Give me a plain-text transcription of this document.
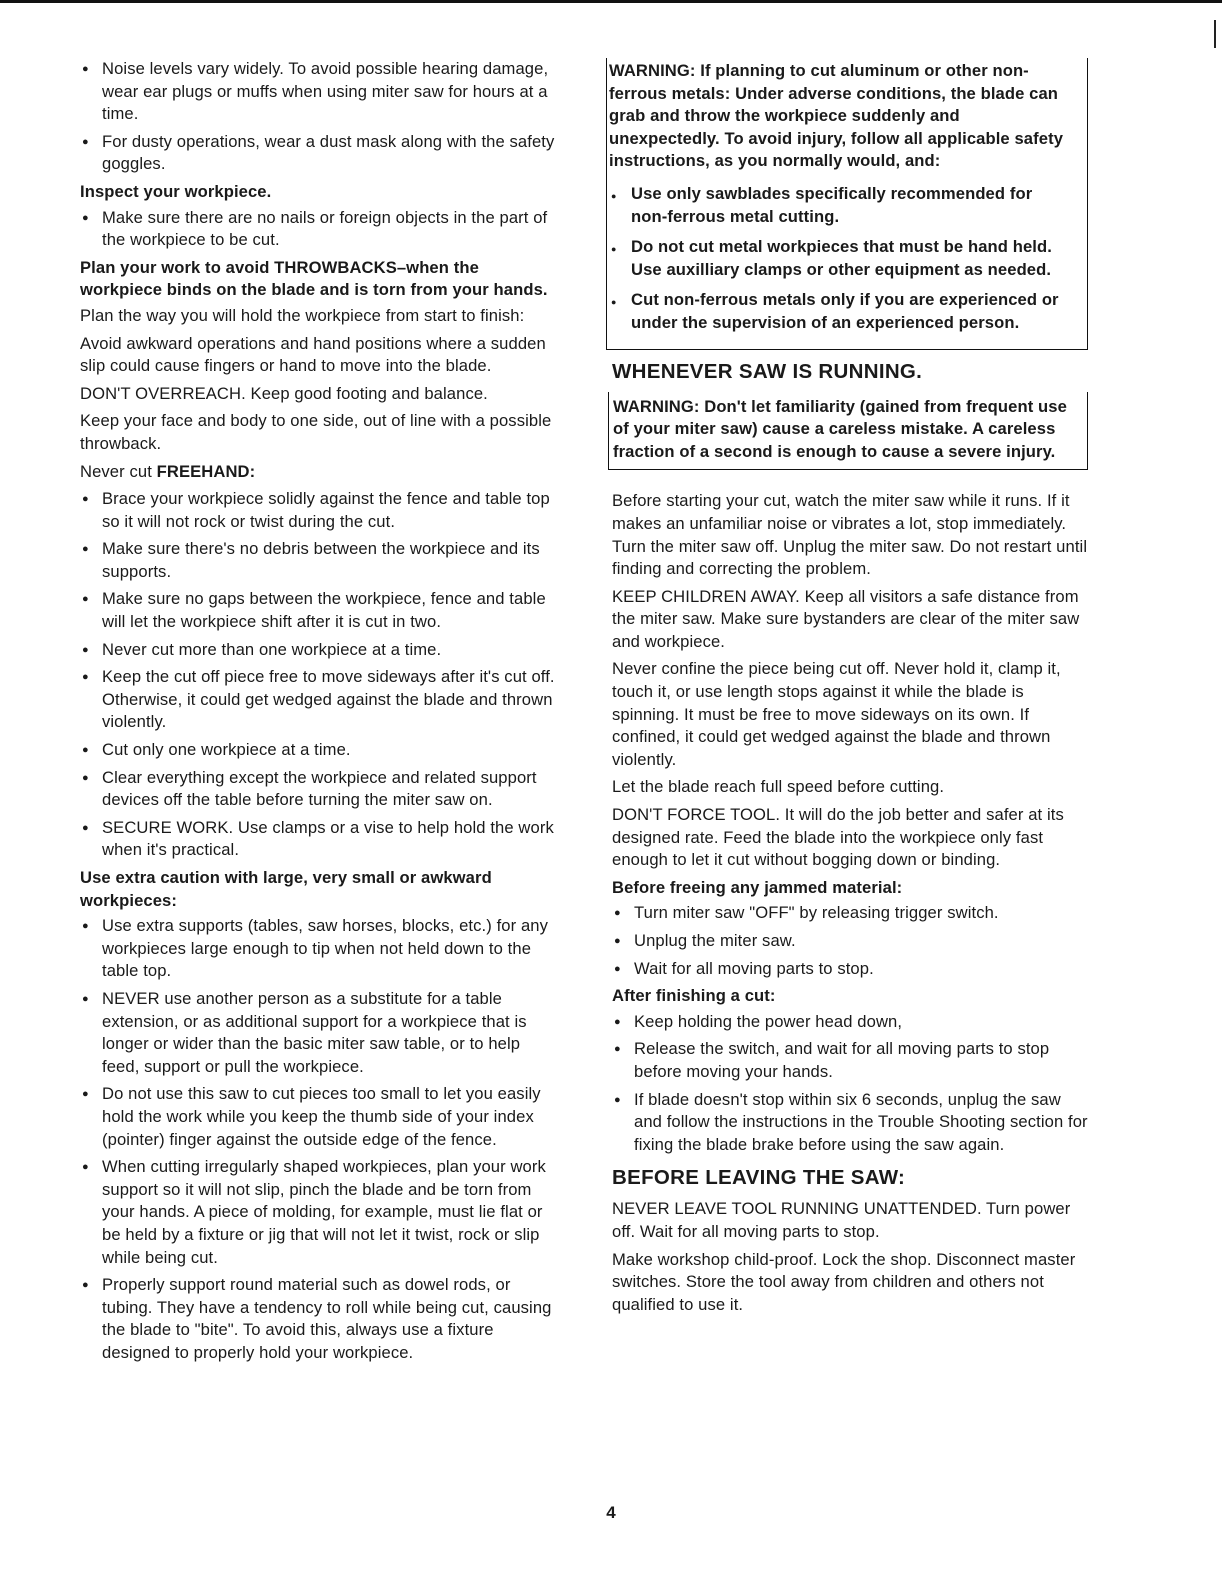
● Noise levels vary widely. To avoid possible hearing damage, wear ear plugs or muffs when using miter saw for hours at a time.
● For dusty operations, wear a dust mask along with the safety goggles.

Inspect your workpiece.

● Make sure there are no nails or foreign objects in the part of the workpiece to be cut.

Plan your work to avoid THROWBACKS–when the workpiece binds on the blade and is torn from your hands.

Plan the way you will hold the workpiece from start to finish:

Avoid awkward operations and hand positions where a sudden slip could cause fingers or hand to move into the blade.

DON'T OVERREACH. Keep good footing and balance.

Keep your face and body to one side, out of line with a possible throwback.

Never cut FREEHAND:

● Brace your workpiece solidly against the fence and table top so it will not rock or twist during the cut.
● Make sure there's no debris between the workpiece and its supports.
● Make sure no gaps between the workpiece, fence and table will let the workpiece shift after it is cut in two.
● Never cut more than one workpiece at a time.
● Keep the cut off piece free to move sideways after it's cut off. Otherwise, it could get wedged against the blade and thrown violently.
● Cut only one workpiece at a time.
● Clear everything except the workpiece and related support devices off the table before turning the miter saw on.
● SECURE WORK. Use clamps or a vise to help hold the work when it's practical.

Use extra caution with large, very small or awkward workpieces:

● Use extra supports (tables, saw horses, blocks, etc.) for any workpieces large enough to tip when not held down to the table top.
● NEVER use another person as a substitute for a table extension, or as additional support for a workpiece that is longer or wider than the basic miter saw table, or to help feed, support or pull the workpiece.
● Do not use this saw to cut pieces too small to let you easily hold the work while you keep the thumb side of your index (pointer) finger against the outside edge of the fence.
● When cutting irregularly shaped workpieces, plan your work support so it will not slip, pinch the blade and be torn from your hands. A piece of molding, for example, must lie flat or be held by a fixture or jig that will not let it twist, rock or slip while being cut.
● Properly support round material such as dowel rods, or tubing. They have a tendency to roll while being cut, causing the blade to "bite". To avoid this, always use a fixture designed to properly hold your workpiece.

WARNING: If planning to cut aluminum or other non-ferrous metals: Under adverse conditions, the blade can grab and throw the workpiece suddenly and unexpectedly. To avoid injury, follow all applicable safety instructions, as you normally would, and:

● Use only sawblades specifically recommended for non-ferrous metal cutting.
● Do not cut metal workpieces that must be hand held. Use auxilliary clamps or other equipment as needed.
● Cut non-ferrous metals only if you are experienced or under the supervision of an experienced person.
WHENEVER SAW IS RUNNING.

WARNING: Don't let familiarity (gained from frequent use of your miter saw) cause a careless mistake. A careless fraction of a second is enough to cause a severe injury.

Before starting your cut, watch the miter saw while it runs. If it makes an unfamiliar noise or vibrates a lot, stop immediately. Turn the miter saw off. Unplug the miter saw. Do not restart until finding and correcting the problem.

KEEP CHILDREN AWAY. Keep all visitors a safe distance from the miter saw. Make sure bystanders are clear of the miter saw and workpiece.

Never confine the piece being cut off. Never hold it, clamp it, touch it, or use length stops against it while the blade is spinning. It must be free to move sideways on its own. If confined, it could get wedged against the blade and thrown violently.

Let the blade reach full speed before cutting.

DON'T FORCE TOOL. It will do the job better and safer at its designed rate. Feed the blade into the workpiece only fast enough to let it cut without bogging down or binding.

Before freeing any jammed material:

● Turn miter saw "OFF" by releasing trigger switch.
● Unplug the miter saw.
● Wait for all moving parts to stop.

After finishing a cut:

● Keep holding the power head down,
● Release the switch, and wait for all moving parts to stop before moving your hands.
● If blade doesn't stop within six 6 seconds, unplug the saw and follow the instructions in the Trouble Shooting section for fixing the blade brake before using the saw again.
BEFORE LEAVING THE SAW:

NEVER LEAVE TOOL RUNNING UNATTENDED. Turn power off. Wait for all moving parts to stop.

Make workshop child-proof. Lock the shop. Disconnect master switches. Store the tool away from children and others not qualified to use it.

4
